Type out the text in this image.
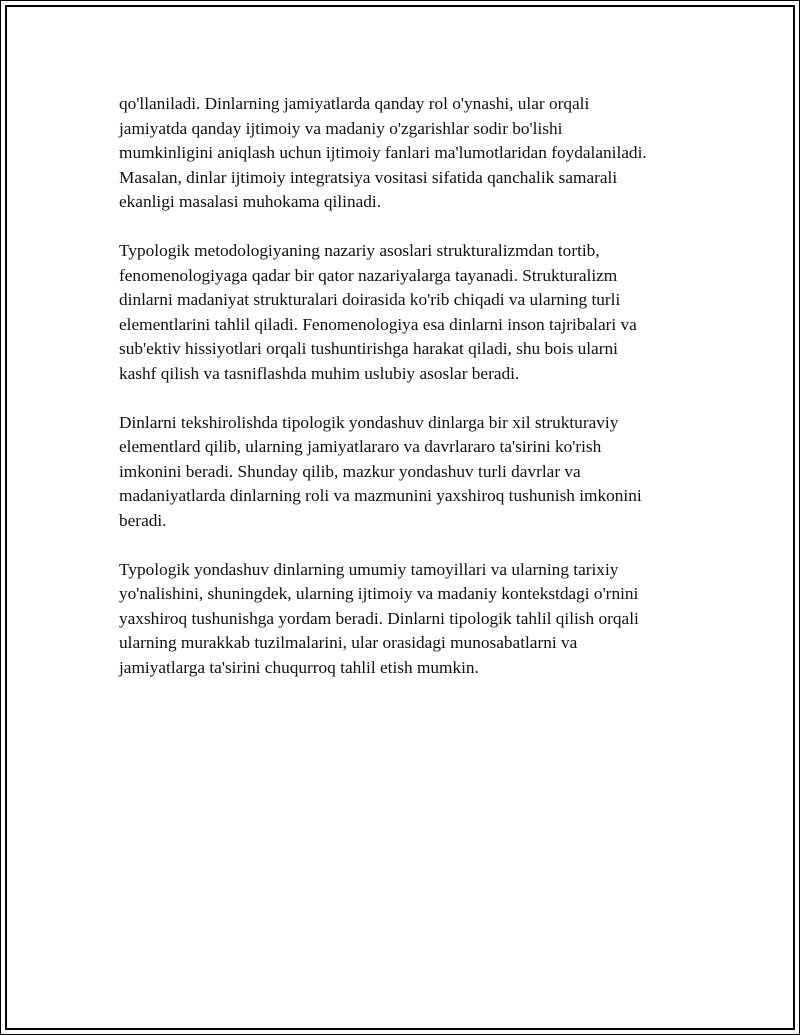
qo'llaniladi. Dinlarning jamiyatlarda qanday rol o'ynashi, ular orqali
jamiyatda qanday ijtimoiy va madaniy o'zgarishlar sodir bo'lishi
mumkinligini aniqlash uchun ijtimoiy fanlari ma'lumotlaridan foydalaniladi.
Masalan, dinlar ijtimoiy integratsiya vositasi sifatida qanchalik samarali
ekanligi masalasi muhokama qilinadi.

Typologik metodologiyaning nazariy asoslari strukturalizmdan tortib,
fenomenologiyaga qadar bir qator nazariyalarga tayanadi. Strukturalizm
dinlarni madaniyat strukturalari doirasida ko'rib chiqadi va ularning turli
elementlarini tahlil qiladi. Fenomenologiya esa dinlarni inson tajribalari va
sub'ektiv hissiyotlari orqali tushuntirishga harakat qiladi, shu bois ularni
kashf qilish va tasniflashda muhim uslubiy asoslar beradi.

Dinlarni tekshirolishda tipologik yondashuv dinlarga bir xil strukturaviy
elementlard qilib, ularning jamiyatlararo va davrlararo ta'sirini ko'rish
imkonini beradi. Shunday qilib, mazkur yondashuv turli davrlar va
madaniyatlarda dinlarning roli va mazmunini yaxshiroq tushunish imkonini
beradi.

Typologik yondashuv dinlarning umumiy tamoyillari va ularning tarixiy
yo'nalishini, shuningdek, ularning ijtimoiy va madaniy kontekstdagi o'rnini
yaxshiroq tushunishga yordam beradi. Dinlarni tipologik tahlil qilish orqali
ularning murakkab tuzilmalarini, ular orasidagi munosabatlarni va
jamiyatlarga ta'sirini chuqurroq tahlil etish mumkin.
